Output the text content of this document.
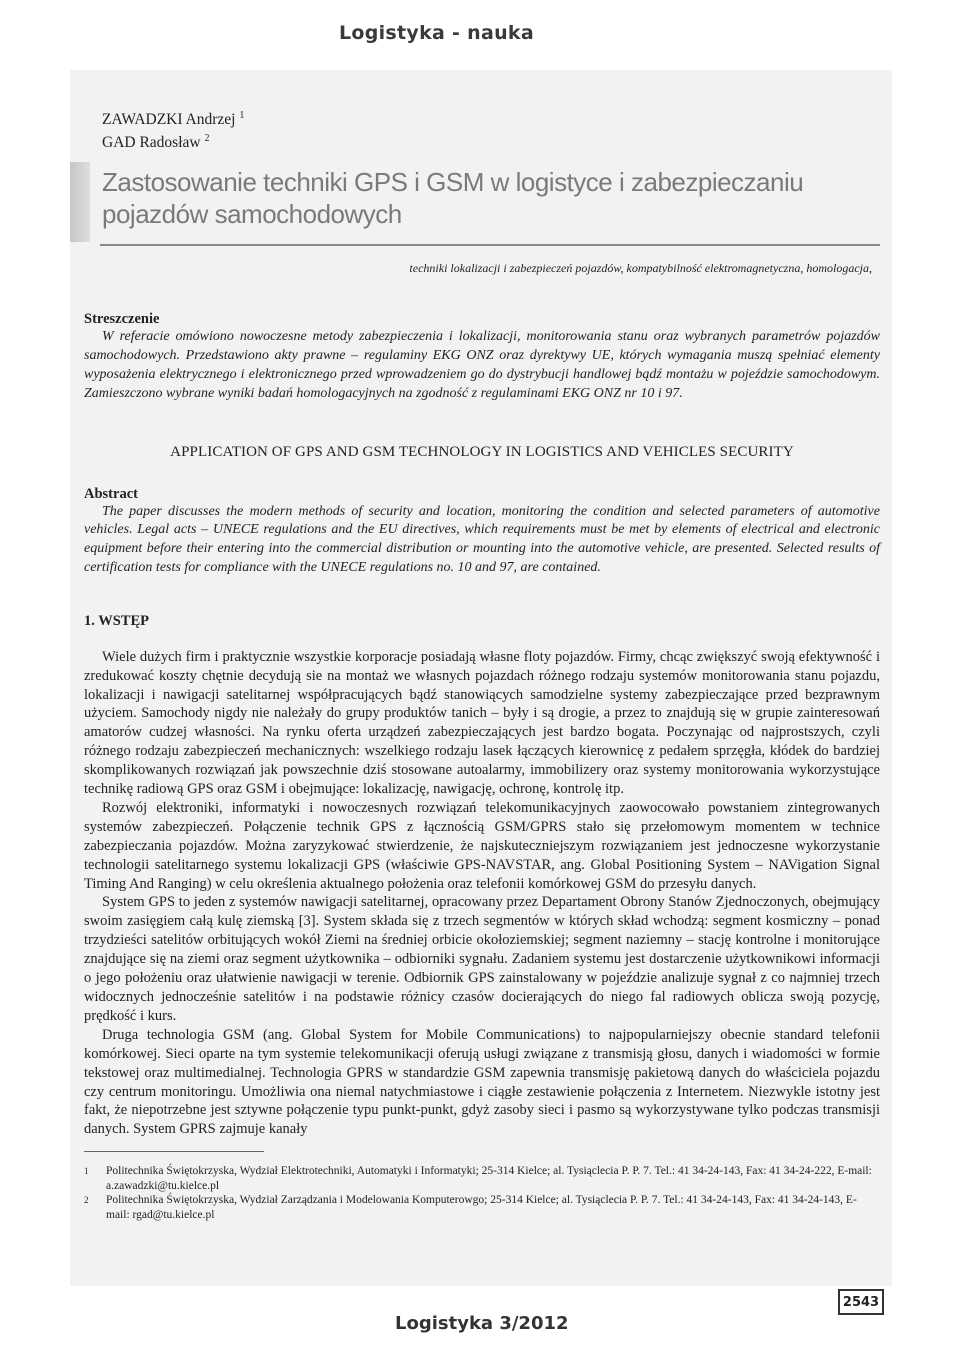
Logistyka - nauka
ZAWADZKI Andrzej $^1$
GAD Radosław $^2$
Zastosowanie techniki GPS i GSM w logistyce i zabezpieczaniu pojazdów samochodowych
techniki lokalizacji i zabezpieczeń pojazdów, kompatybilność elektromagnetyczna, homologacja,
Streszczenie
W referacie omówiono nowoczesne metody zabezpieczenia i lokalizacji, monitorowania stanu oraz wybranych parametrów pojazdów samochodowych. Przedstawiono akty prawne – regulaminy EKG ONZ oraz dyrektywy UE, których wymagania muszą spełniać elementy wyposażenia elektrycznego i elektronicznego przed wprowadzeniem go do dystrybucji handlowej bądź montażu w pojeździe samochodowym. Zamieszczono wybrane wyniki badań homologacyjnych na zgodność z regulaminami EKG ONZ nr 10 i 97.
APPLICATION OF GPS AND GSM TECHNOLOGY IN LOGISTICS AND VEHICLES SECURITY
Abstract
The paper discusses the modern methods of security and location, monitoring the condition and selected parameters of automotive vehicles. Legal acts – UNECE regulations and the EU directives, which requirements must be met by elements of electrical and electronic equipment before their entering into the commercial distribution or mounting into the automotive vehicle, are presented. Selected results of certification tests for compliance with the UNECE regulations no. 10 and 97, are contained.
1. WSTĘP

Wiele dużych firm i praktycznie wszystkie korporacje posiadają własne floty pojazdów. Firmy, chcąc zwiększyć swoją efektywność i zredukować koszty chętnie decydują sie na montaż we własnych pojazdach różnego rodzaju systemów monitorowania stanu pojazdu, lokalizacji i nawigacji satelitarnej współpracujących bądź stanowiących samodzielne systemy zabezpieczające przed bezprawnym użyciem. Samochody nigdy nie należały do grupy produktów tanich – były i są drogie, a przez to znajdują się w grupie zainteresowań amatorów cudzej własności. Na rynku oferta urządzeń zabezpieczających jest bardzo bogata. Poczynając od najprostszych, czyli różnego rodzaju zabezpieczeń mechanicznych: wszelkiego rodzaju lasek łączących kierownicę z pedałem sprzęgła, kłódek do bardziej skomplikowanych rozwiązań jak powszechnie dziś stosowane autoalarmy, immobilizery oraz systemy monitorowania wykorzystujące technikę radiową GPS oraz GSM i obejmujące: lokalizację, nawigację, ochronę, kontrolę itp.

Rozwój elektroniki, informatyki i nowoczesnych rozwiązań telekomunikacyjnych zaowocowało powstaniem zintegrowanych systemów zabezpieczeń. Połączenie technik GPS z łącznością GSM/GPRS stało się przełomowym momentem w technice zabezpieczania pojazdów. Można zaryzykować stwierdzenie, że najskuteczniejszym rozwiązaniem jest jednoczesne wykorzystanie technologii satelitarnego systemu lokalizacji GPS (właściwie GPS-NAVSTAR, ang. Global Positioning System – NAVigation Signal Timing And Ranging) w celu określenia aktualnego położenia oraz telefonii komórkowej GSM do przesyłu danych.

System GPS to jeden z systemów nawigacji satelitarnej, opracowany przez Departament Obrony Stanów Zjednoczonych, obejmujący swoim zasięgiem całą kulę ziemską [3]. System składa się z trzech segmentów w których skład wchodzą: segment kosmiczny – ponad trzydzieści satelitów orbitujących wokół Ziemi na średniej orbicie okołoziemskiej; segment naziemny – stację kontrolne i monitorujące znajdujące się na ziemi oraz segment użytkownika – odbiorniki sygnału. Zadaniem systemu jest dostarczenie użytkownikowi informacji o jego położeniu oraz ułatwienie nawigacji w terenie. Odbiornik GPS zainstalowany w pojeździe analizuje sygnał z co najmniej trzech widocznych jednocześnie satelitów i na podstawie różnicy czasów docierających do niego fal radiowych oblicza swoją pozycję, prędkość i kurs.

Druga technologia GSM (ang. Global System for Mobile Communications) to najpopularniejszy obecnie standard telefonii komórkowej. Sieci oparte na tym systemie telekomunikacji oferują usługi związane z transmisją głosu, danych i wiadomości w formie tekstowej oraz multimedialnej. Technologia GPRS w standardzie GSM zapewnia transmisję pakietową danych do właściciela pojazdu czy centrum monitoringu. Umożliwia ona niemal natychmiastowe i ciągłe zestawienie połączenia z Internetem. Niezwykle istotny jest fakt, że niepotrzebne jest sztywne połączenie typu punkt-punkt, gdyż zasoby sieci i pasmo są wykorzystywane tylko podczas transmisji danych. System GPRS zajmuje kanały

1	Politechnika Świętokrzyska, Wydział Elektrotechniki, Automatyki i Informatyki; 25-314 Kielce; al. Tysiąclecia P. P. 7. Tel.: 41 34-24-143, Fax: 41 34-24-222, E-mail: a.zawadzki@tu.kielce.pl
2	Politechnika Świętokrzyska, Wydział Zarządzania i Modelowania Komputerowgo; 25-314 Kielce; al. Tysiąclecia P. P. 7. Tel.: 41 34-24-143, Fax: 41 34-24-143, E-mail: rgad@tu.kielce.pl
2543
Logistyka 3/2012
